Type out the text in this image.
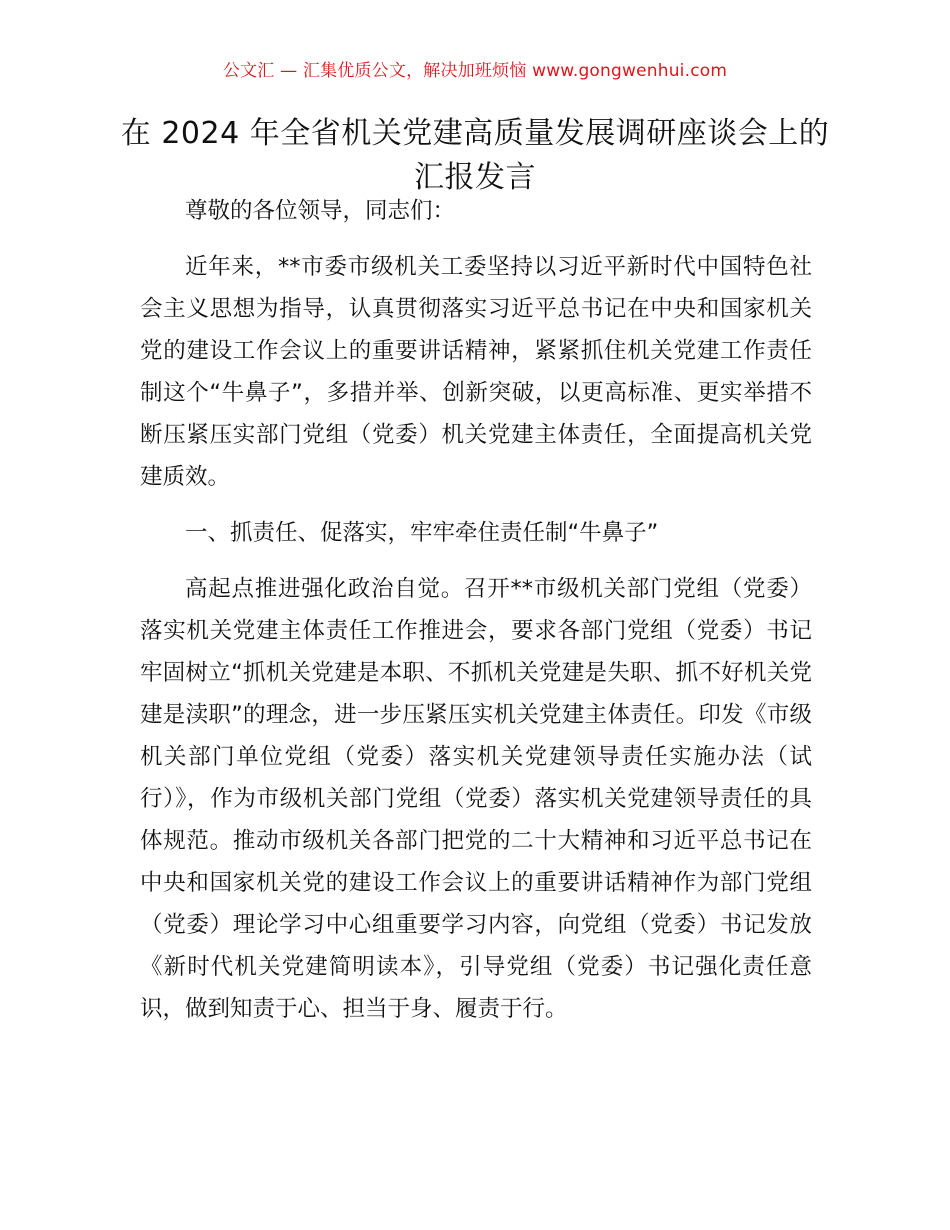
公文汇 — 汇集优质公文，解决加班烦恼 www.gongwenhui.com
在 2024 年全省机关党建高质量发展调研座谈会上的汇报发言

尊敬的各位领导，同志们：

近年来，**市委市级机关工委坚持以习近平新时代中国特色社会主义思想为指导，认真贯彻落实习近平总书记在中央和国家机关党的建设工作会议上的重要讲话精神，紧紧抓住机关党建工作责任制这个“牛鼻子”，多措并举、创新突破，以更高标准、更实举措不断压紧压实部门党组（党委）机关党建主体责任，全面提高机关党建质效。

一、抓责任、促落实，牢牢牵住责任制“牛鼻子”

高起点推进强化政治自觉。召开**市级机关部门党组（党委）落实机关党建主体责任工作推进会，要求各部门党组（党委）书记牢固树立“抓机关党建是本职、不抓机关党建是失职、抓不好机关党建是渎职”的理念，进一步压紧压实机关党建主体责任。印发《市级机关部门单位党组（党委）落实机关党建领导责任实施办法（试行）》，作为市级机关部门党组（党委）落实机关党建领导责任的具体规范。推动市级机关各部门把党的二十大精神和习近平总书记在中央和国家机关党的建设工作会议上的重要讲话精神作为部门党组（党委）理论学习中心组重要学习内容，向党组（党委）书记发放《新时代机关党建简明读本》，引导党组（党委）书记强化责任意识，做到知责于心、担当于身、履责于行。
